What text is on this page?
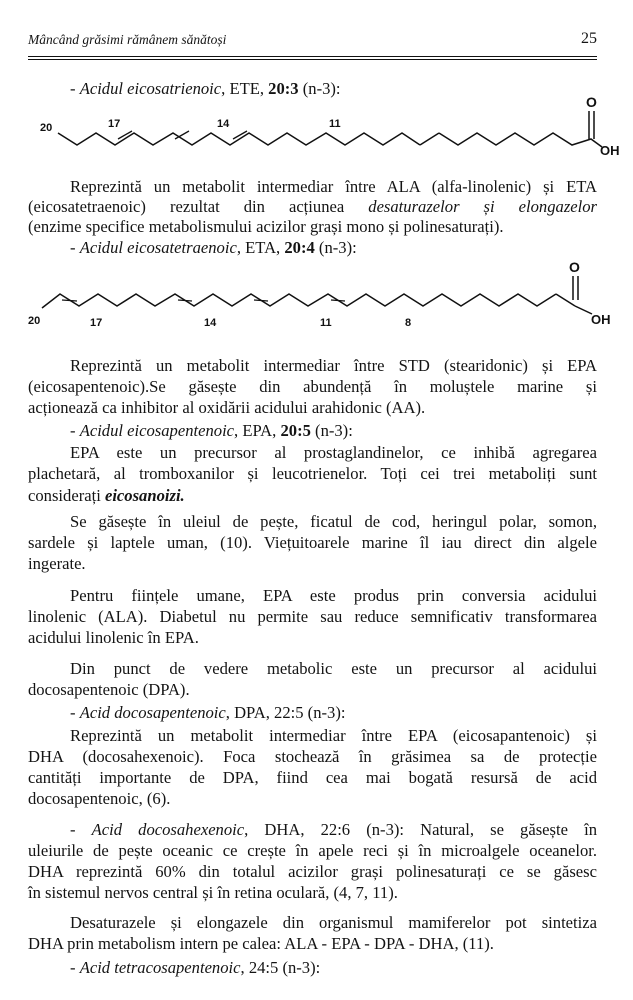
Mâncând grăsimi rămânem sănătoși	25
- Acidul eicosatrienoic, ETE, 20:3 (n-3):
20	17	14	11
O
OH
Reprezintă un metabolit intermediar între ALA (alfa-linolenic) și ETA
(eicosatetraenoic) rezultat din acțiunea desaturazelor și elongazelor
(enzime specifice metabolismului acizilor grași mono și polinesaturați).
- Acidul eicosatetraenoic, ETA, 20:4 (n-3):
20	17	14	11	8
O
OH
Reprezintă un metabolit intermediar între STD (stearidonic) și EPA
(eicosapentenoic).Se găsește din abundență în moluștele marine și
acționează ca inhibitor al oxidării acidului arahidonic (AA).
- Acidul eicosapentenoic, EPA, 20:5 (n-3):
EPA este un precursor al prostaglandinelor, ce inhibă agregarea
plachetară, al tromboxanilor și leucotrienelor. Toți cei trei metaboliți sunt
considerați eicosanoizi.
Se găsește în uleiul de pește, ficatul de cod, heringul polar, somon,
sardele și laptele uman, (10). Viețuitoarele marine îl iau direct din algele
ingerate.
Pentru ființele umane, EPA este produs prin conversia acidului
linolenic (ALA). Diabetul nu permite sau reduce semnificativ transformarea
acidului linolenic în EPA.
Din punct de vedere metabolic este un precursor al acidului
docosapentenoic (DPA).
- Acid docosapentenoic, DPA, 22:5 (n-3):
Reprezintă un metabolit intermediar între EPA (eicosapantenoic) și
DHA (docosahexenoic). Foca stochează în grăsimea sa de protecție
cantități importante de DPA, fiind cea mai bogată resursă de acid
docosapentenoic, (6).
- Acid docosahexenoic, DHA, 22:6 (n-3): Natural, se găsește în
uleiurile de pește oceanic ce crește în apele reci și în microalgele oceanelor.
DHA reprezintă 60% din totalul acizilor grași polinesaturați ce se găsesc
în sistemul nervos central și în retina oculară, (4, 7, 11).
Desaturazele și elongazele din organismul mamiferelor pot sintetiza
DHA prin metabolism intern pe calea: ALA - EPA - DPA - DHA, (11).
- Acid tetracosapentenoic, 24:5 (n-3):
